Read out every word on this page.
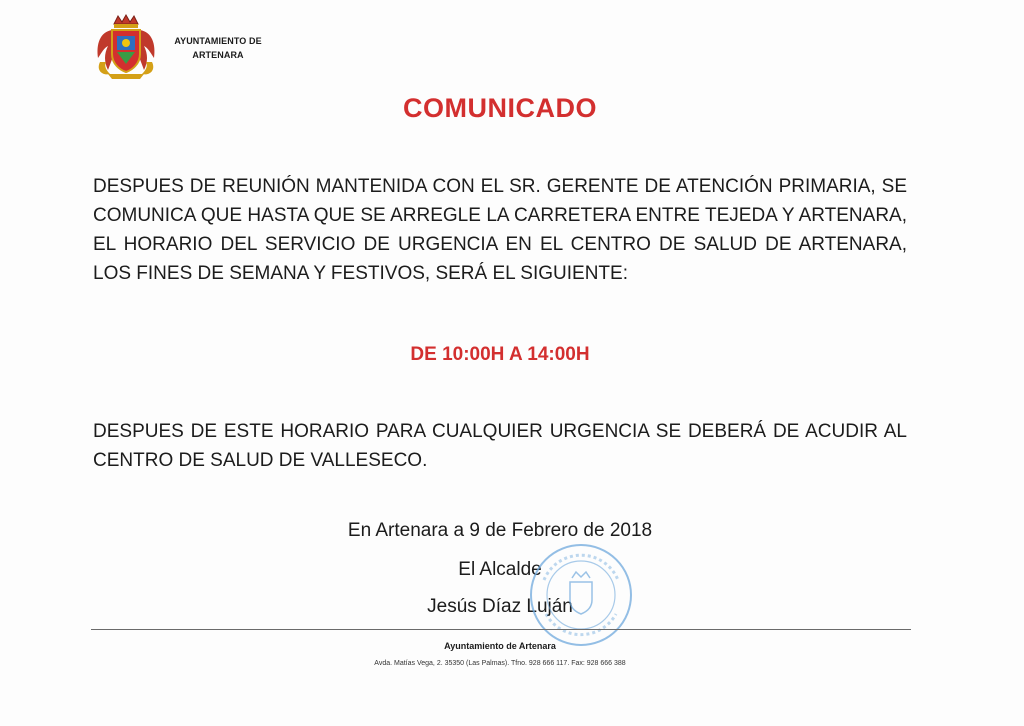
AYUNTAMIENTO DE
ARTENARA
COMUNICADO
DESPUES DE REUNIÓN MANTENIDA CON EL SR. GERENTE DE ATENCIÓN PRIMARIA, SE COMUNICA QUE HASTA QUE SE ARREGLE LA CARRETERA ENTRE TEJEDA Y ARTENARA, EL HORARIO DEL SERVICIO DE URGENCIA EN EL CENTRO DE SALUD DE ARTENARA, LOS FINES DE SEMANA Y FESTIVOS, SERÁ EL SIGUIENTE:
DE 10:00H A 14:00H
DESPUES DE ESTE HORARIO PARA CUALQUIER URGENCIA SE DEBERÁ DE ACUDIR AL CENTRO DE SALUD DE VALLESECO.
En Artenara a 9 de Febrero de 2018
El Alcalde
Jesús Díaz Luján
Ayuntamiento de Artenara
Avda. Matías Vega, 2. 35350 (Las Palmas). Tfno. 928 666 117. Fax: 928 666 388
